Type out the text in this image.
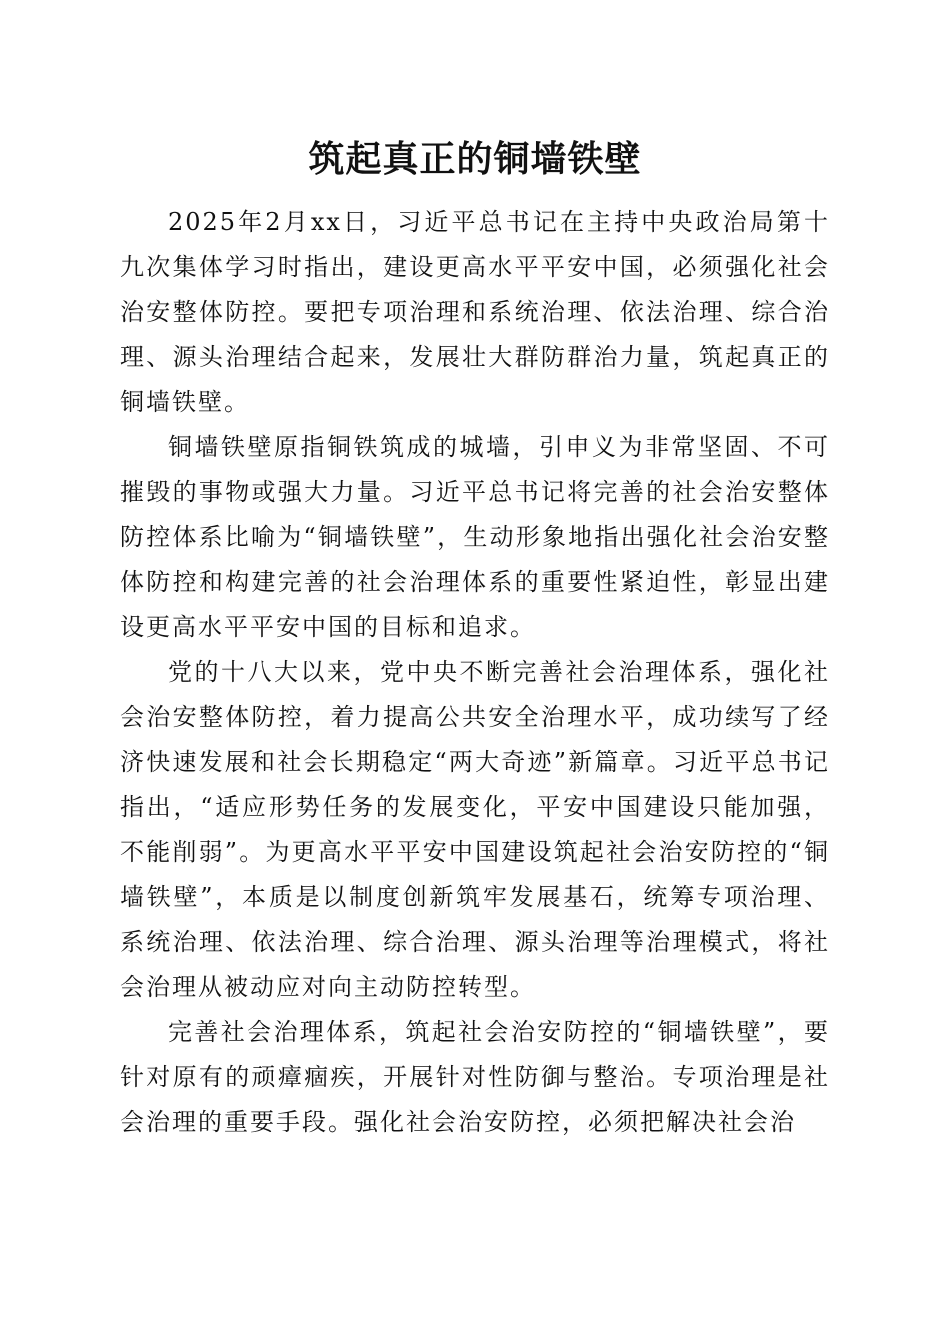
筑起真正的铜墙铁壁

2025年2月xx日，习近平总书记在主持中央政治局第十九次集体学习时指出，建设更高水平平安中国，必须强化社会治安整体防控。要把专项治理和系统治理、依法治理、综合治理、源头治理结合起来，发展壮大群防群治力量，筑起真正的铜墙铁壁。

铜墙铁壁原指铜铁筑成的城墙，引申义为非常坚固、不可摧毁的事物或强大力量。习近平总书记将完善的社会治安整体防控体系比喻为“铜墙铁壁”，生动形象地指出强化社会治安整体防控和构建完善的社会治理体系的重要性紧迫性，彰显出建设更高水平平安中国的目标和追求。

党的十八大以来，党中央不断完善社会治理体系，强化社会治安整体防控，着力提高公共安全治理水平，成功续写了经济快速发展和社会长期稳定“两大奇迹”新篇章。习近平总书记指出，“适应形势任务的发展变化，平安中国建设只能加强，不能削弱”。为更高水平平安中国建设筑起社会治安防控的“铜墙铁壁”，本质是以制度创新筑牢发展基石，统筹专项治理、系统治理、依法治理、综合治理、源头治理等治理模式，将社会治理从被动应对向主动防控转型。

完善社会治理体系，筑起社会治安防控的“铜墙铁壁”，要针对原有的顽瘴痼疾，开展针对性防御与整治。专项治理是社会治理的重要手段。强化社会治安防控，必须把解决社会治
